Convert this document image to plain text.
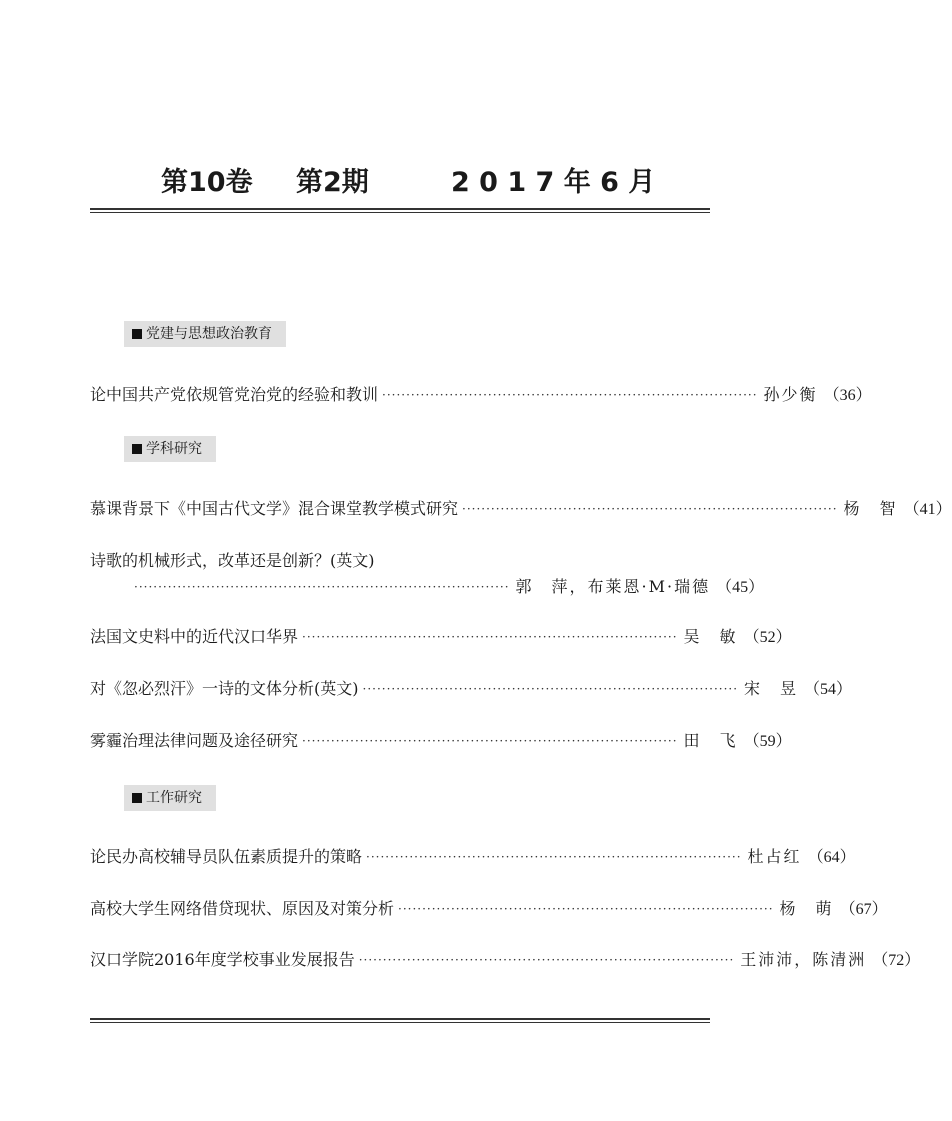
第10卷 第2期	2 0 1 7 年 6 月
党建与思想政治教育
论中国共产党依规管党治党的经验和教训 ·············································································· 孙少衡 （36）
学科研究
慕课背景下《中国古代文学》混合课堂教学模式研究 ·············································································· 杨　智 （41）
诗歌的机械形式，改革还是创新？(英文)
·············································································· 郭　萍，布莱恩·M·瑞德 （45）
法国文史料中的近代汉口华界 ·············································································· 吴　敏 （52）
对《忽必烈汗》一诗的文体分析(英文) ·············································································· 宋　昱 （54）
雾霾治理法律问题及途径研究 ·············································································· 田　飞 （59）
工作研究
论民办高校辅导员队伍素质提升的策略 ·············································································· 杜占红 （64）
高校大学生网络借贷现状、原因及对策分析 ·············································································· 杨　萌 （67）
汉口学院2016年度学校事业发展报告 ·············································································· 王沛沛，陈清洲 （72）
